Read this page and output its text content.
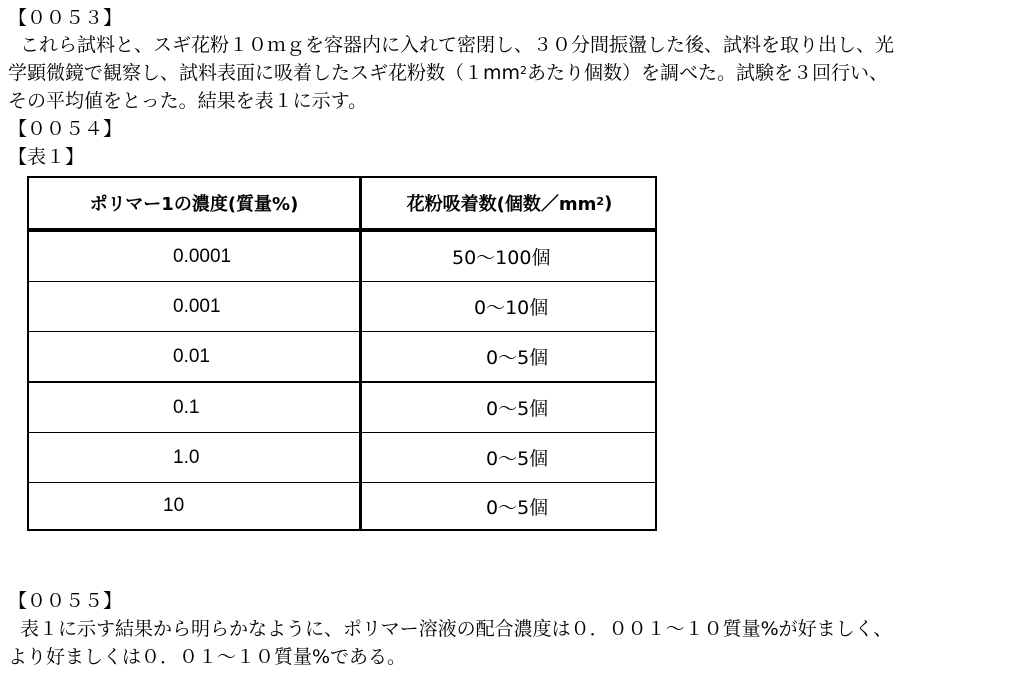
【００５３】
これら試料と、スギ花粉１０ｍｇを容器内に入れて密閉し、３０分間振盪した後、試料を取り出し、光
学顕微鏡で観察し、試料表面に吸着したスギ花粉数（$1mm^2$あたり個数）を調べた。試験を３回行い、
その平均値をとった。結果を表１に示す。
【００５４】
【表１】
ポリマー1の濃度(質量%)	花粉吸着数(個数$/mm^2$ )
0.0001	50〜100個
0.001	0〜10個
0.01	0〜5個
0.1	0〜5個
1.0	0〜5個
10	0〜5個
【００５５】
表１に示す結果から明らかなように、ポリマー溶液の配合濃度は０．００１〜１０質量%が好ましく、
より好ましくは０．０１〜１０質量%である。
